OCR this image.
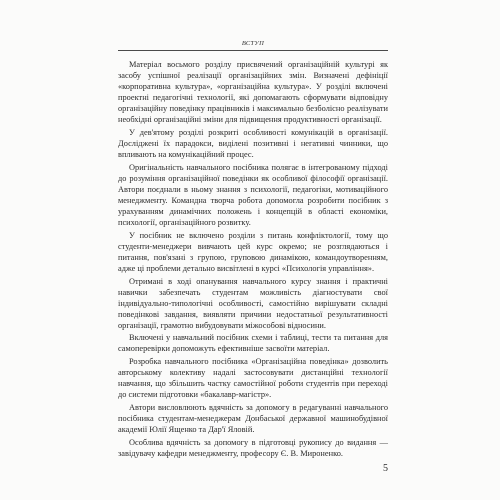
ВСТУП

Матеріал восьмого розділу присвячений організаційній культурі як засобу успішної реалізації організаційних змін. Визначені дефініції «корпоративна культура», «організаційна культура». У розділі включені проектні педагогічні технології, які допомагають сформувати відповідну організаційну поведінку працівників і максимально безболісно реалізувати необхідні організаційні зміни для підвищення продуктивності організації.

У дев'ятому розділі розкриті особливості комунікацій в організації. Досліджені їх парадокси, виділені позитивні і негативні чинники, що впливають на комунікаційний процес.

Оригінальність навчального посібника полягає в інтегрованому підході до розуміння організаційної поведінки як особливої філософії організації. Автори поєднали в ньому знання з психології, педагогіки, мотиваційного менеджменту. Командна творча робота допомогла розробити посібник з урахуванням динамічних положень і концепцій в області економіки, психології, організаційного розвитку.

У посібник не включено розділи з питань конфліктології, тому що студенти-менеджери вивчають цей курс окремо; не розглядаються і питання, пов'язані з групою, груповою динамікою, командоутворенням, адже ці проблеми детально висвітлені в курсі «Психологія управління».

Отримані в ході опанування навчального курсу знання і практичні навички забезпечать студентам можливість діагностувати свої індивідуально-типологічні особливості, самостійно вирішувати складні поведінкові завдання, виявляти причини недостатньої результативності організації, грамотно вибудовувати міжособові відносини.

Включені у навчальний посібник схеми і таблиці, тести та питання для самоперевірки допоможуть ефективніше засвоїти матеріал.

Розробка навчального посібника «Організаційна поведінка» дозволить авторському колективу надалі застосовувати дистанційні технології навчання, що збільшить частку самостійної роботи студентів при переході до системи підготовки «бакалавр-магістр».

Автори висловлюють вдячність за допомогу в редагуванні навчального посібника студентам-менеджерам Донбаської державної машинобудівної академії Юлії Ященко та Дар'ї Яловій.

Особлива вдячність за допомогу в підготовці рукопису до видання — завідувачу кафедри менеджменту, професору Є. В. Мироненко.

5
